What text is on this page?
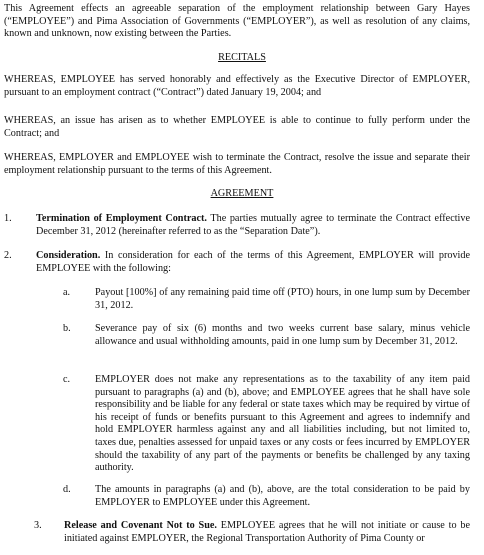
This Agreement effects an agreeable separation of the employment relationship between Gary Hayes (“EMPLOYEE”) and Pima Association of Governments (“EMPLOYER”), as well as resolution of any claims, known and unknown, now existing between the Parties.

RECITALS

WHEREAS, EMPLOYEE has served honorably and effectively as the Executive Director of EMPLOYER, pursuant to an employment contract (“Contract”) dated January 19, 2004; and

WHEREAS, an issue has arisen as to whether EMPLOYEE is able to continue to fully perform under the Contract; and

WHEREAS, EMPLOYER and EMPLOYEE wish to terminate the Contract, resolve the issue and separate their employment relationship pursuant to the terms of this Agreement.

AGREEMENT

1. Termination of Employment Contract. The parties mutually agree to terminate the Contract effective December 31, 2012 (hereinafter referred to as the “Separation Date”).

2. Consideration. In consideration for each of the terms of this Agreement, EMPLOYER will provide EMPLOYEE with the following:

a. Payout [100%] of any remaining paid time off (PTO) hours, in one lump sum by December 31, 2012.

b. Severance pay of six (6) months and two weeks current base salary, minus vehicle allowance and usual withholding amounts, paid in one lump sum by December 31, 2012.

c. EMPLOYER does not make any representations as to the taxability of any item paid pursuant to paragraphs (a) and (b), above; and EMPLOYEE agrees that he shall have sole responsibility and be liable for any federal or state taxes which may be required by virtue of his receipt of funds or benefits pursuant to this Agreement and agrees to indemnify and hold EMPLOYER harmless against any and all liabilities including, but not limited to, taxes due, penalties assessed for unpaid taxes or any costs or fees incurred by EMPLOYER should the taxability of any part of the payments or benefits be challenged by any taxing authority.

d. The amounts in paragraphs (a) and (b), above, are the total consideration to be paid by EMPLOYER to EMPLOYEE under this Agreement.

3. Release and Covenant Not to Sue. EMPLOYEE agrees that he will not initiate or cause to be initiated against EMPLOYER, the Regional Transportation Authority of Pima County or
